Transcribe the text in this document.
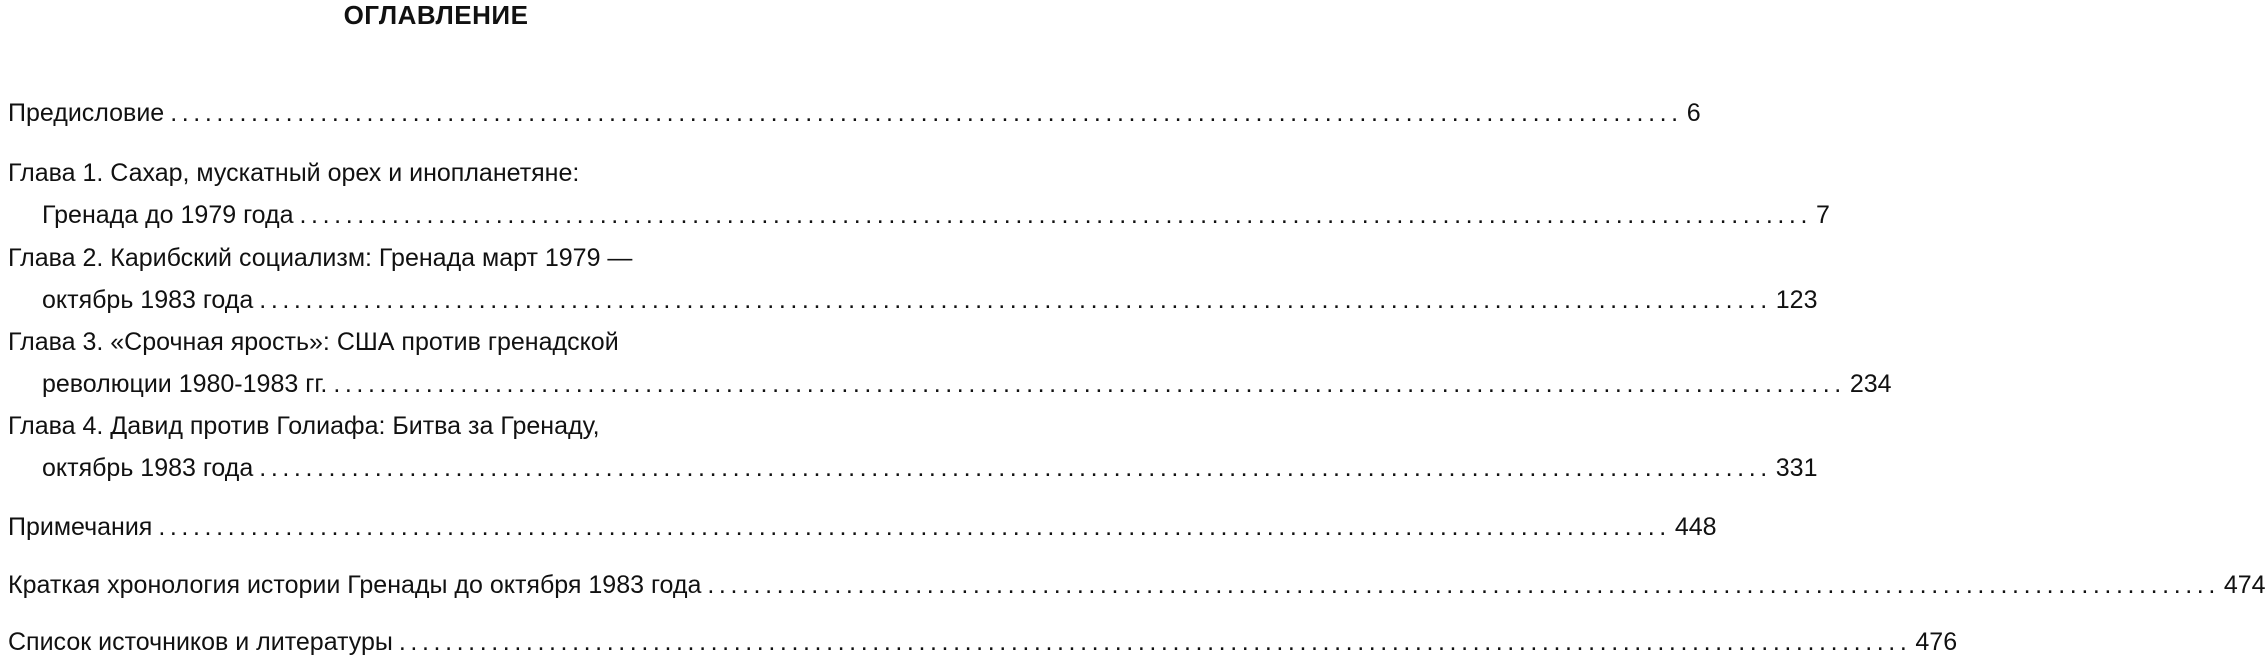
ОГЛАВЛЕНИЕ
Предисловие ................................................................................................................................... 6
Глава 1. Сахар, мускатный орех и инопланетяне:
Гренада до 1979 года ................................................................................................................................... 7
Глава 2. Карибский социализм: Гренада март 1979 —
октябрь 1983 года ................................................................................................................................... 123
Глава 3. «Срочная ярость»: США против гренадской
революции 1980-1983 гг. ................................................................................................................................... 234
Глава 4. Давид против Голиафа: Битва за Гренаду,
октябрь 1983 года ................................................................................................................................... 331
Примечания ................................................................................................................................... 448
Краткая хронология истории Гренады до октября 1983 года ................................................................................................................................... 474
Список источников и литературы ................................................................................................................................... 476
